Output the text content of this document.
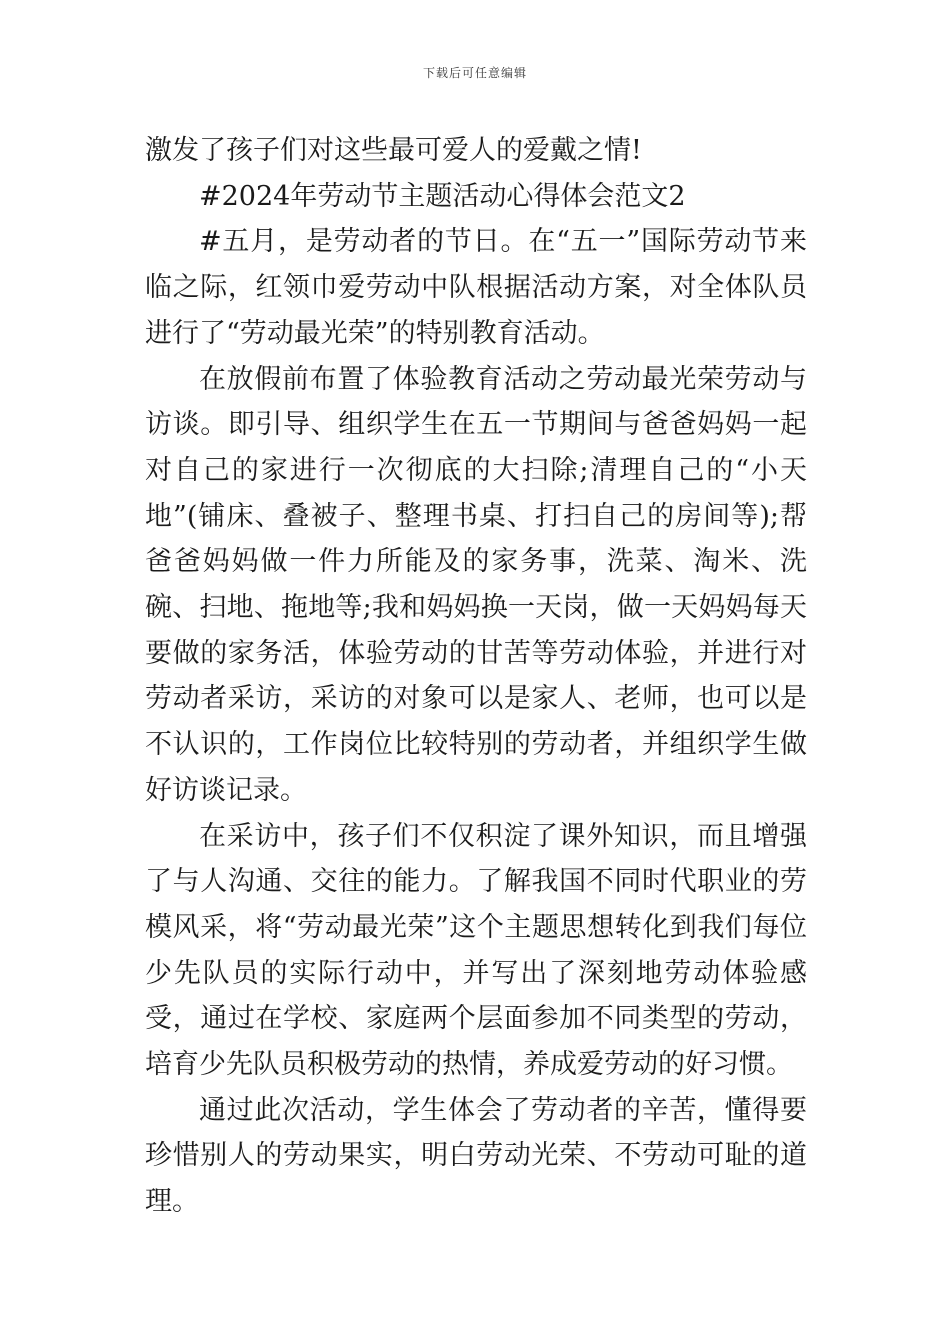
下载后可任意编辑

激发了孩子们对这些最可爱人的爱戴之情!

#2024年劳动节主题活动心得体会范文2

#五月，是劳动者的节日。在“五一”国际劳动节来临之际，红领巾爱劳动中队根据活动方案，对全体队员进行了“劳动最光荣”的特别教育活动。

在放假前布置了体验教育活动之劳动最光荣劳动与访谈。即引导、组织学生在五一节期间与爸爸妈妈一起对自己的家进行一次彻底的大扫除;清理自己的“小天地”(铺床、叠被子、整理书桌、打扫自己的房间等);帮爸爸妈妈做一件力所能及的家务事，洗菜、淘米、洗碗、扫地、拖地等;我和妈妈换一天岗，做一天妈妈每天要做的家务活，体验劳动的甘苦等劳动体验，并进行对劳动者采访，采访的对象可以是家人、老师，也可以是不认识的，工作岗位比较特别的劳动者，并组织学生做好访谈记录。

在采访中，孩子们不仅积淀了课外知识，而且增强了与人沟通、交往的能力。了解我国不同时代职业的劳模风采，将“劳动最光荣”这个主题思想转化到我们每位少先队员的实际行动中，并写出了深刻地劳动体验感受，通过在学校、家庭两个层面参加不同类型的劳动，培育少先队员积极劳动的热情，养成爱劳动的好习惯。

通过此次活动，学生体会了劳动者的辛苦，懂得要珍惜别人的劳动果实，明白劳动光荣、不劳动可耻的道理。
